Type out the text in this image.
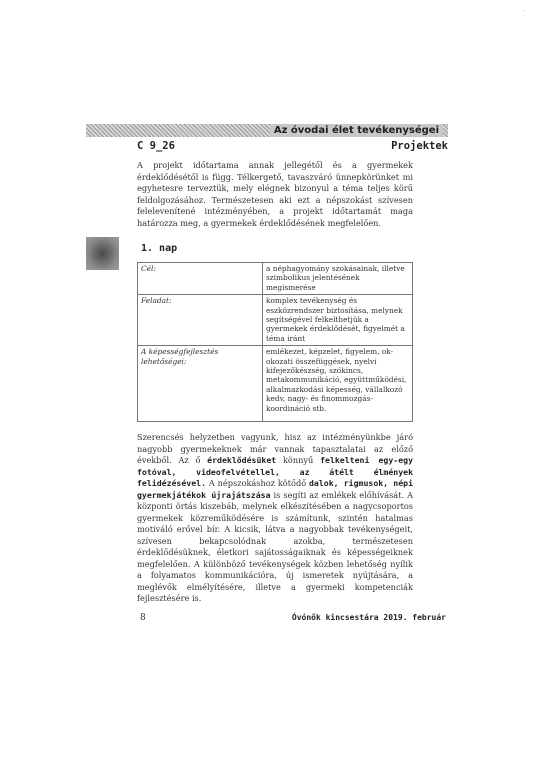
·
Az óvodai élet tevékenységei
C 9_26	Projektek

A projekt időtartama annak jellegétől és a gyermekek érdeklődésétől is függ. Télkergető, tavaszváró ünnepkörünket mi egyhetesre terveztük, mely elégnek bizonyul a téma teljes körű feldolgozásához. Természetesen aki ezt a népszokást szívesen felelevenítené intézményében, a projekt időtartamát maga határozza meg, a gyermekek érdeklődésének megfelelően.

1. nap
Cél:	a néphagyomány szokásainak, illetve szimbolikus jelentésének megismerése
Feladat:	komplex tevékenység és eszközrendszer biztosítása, melynek segítségével felkelthetjük a gyermekek érdeklődését, figyelmét a téma iránt
A képességfejlesztés lehetőségei:	emlékezet, képzelet, figyelem, ok-okozati összefüggések, nyelvi kifejezőkészség, szókincs, metakommunikáció, együttműködési, alkalmazkodási képesség, vállalkozó kedv, nagy- és finommozgás-koordináció stb.

Szerencsés helyzetben vagyunk, hisz az intézményünkbe járó nagyobb gyermekeknek már vannak tapasztalatai az előző évekből. Az ő érdeklődésüket könnyű felkelteni egy-egy fotóval, videofelvétellel, az átélt élmények felidézésével. A népszokáshoz kötődő dalok, rigmusok, népi gyermekjátékok újrajátszása is segíti az emlékek előhívását. A központi örtás kiszebáb, melynek elkészítésében a nagycsoportos gyermekek közreműködésére is számítunk, szintén hatalmas motiváló erővel bír. A kicsik, látva a nagyobbak tevékenységeit, szívesen bekapcsolódnak azokba, természetesen érdeklődésüknek, életkori sajátosságaiknak és képességeiknek megfelelően. A különböző tevékenységek közben lehetőség nyílik a folyamatos kommunikációra, új ismeretek nyújtására, a meglévők elmélyítésére, illetve a gyermeki kompetenciák fejlesztésére is.

8	Óvónők kincsestára 2019. február
